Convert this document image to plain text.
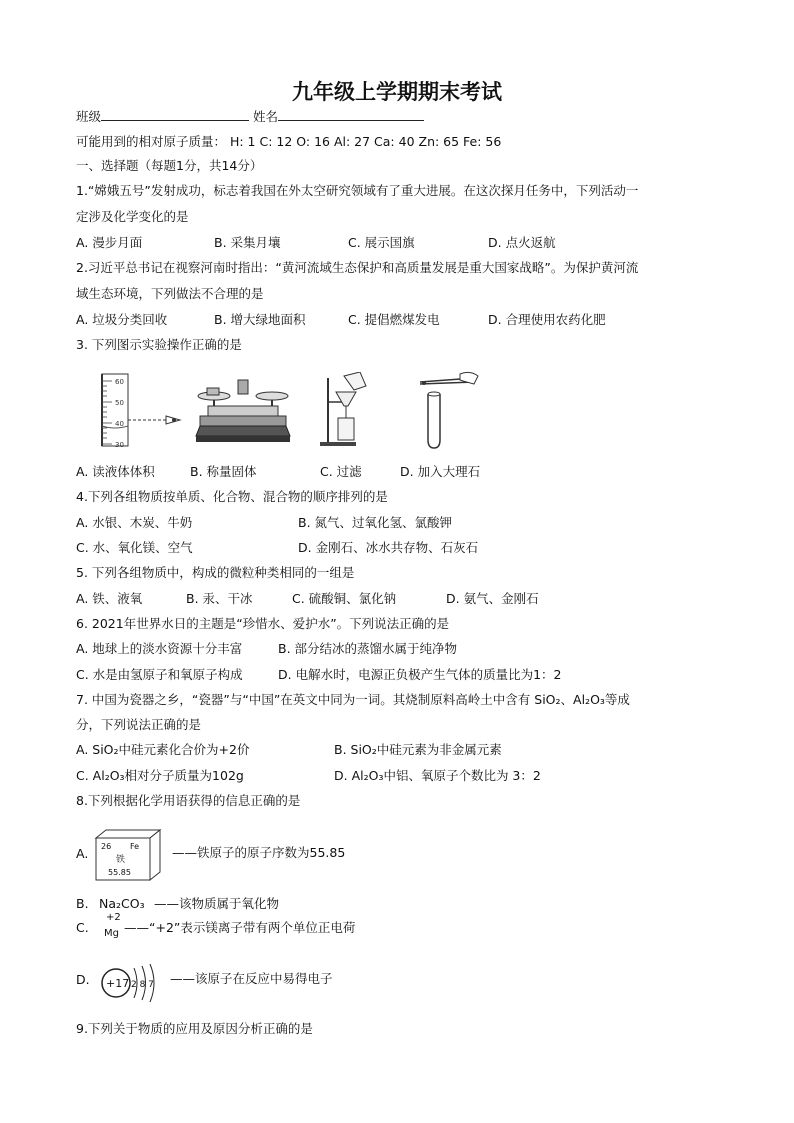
九年级上学期期末考试
班级	姓名
可能用到的相对原子质量： H: 1 C: 12 O: 16 Al: 27 Ca: 40 Zn: 65 Fe: 56
一、选择题（每题1分，共14分）
1.“嫦娥五号”发射成功，标志着我国在外太空研究领域有了重大进展。在这次探月任务中，下列活动一
定涉及化学变化的是
A. 漫步月面	B. 采集月壤	C. 展示国旗	D. 点火返航
2.习近平总书记在视察河南时指出：“黄河流域生态保护和高质量发展是重大国家战略”。为保护黄河流
域生态环境，下列做法不合理的是
A. 垃圾分类回收	B. 增大绿地面积	C. 提倡燃煤发电	D. 合理使用农药化肥
3. 下列图示实验操作正确的是
60
50
40
30
A. 读液体体积	B. 称量固体	C. 过滤	D. 加入大理石
4.下列各组物质按单质、化合物、混合物的顺序排列的是
A. 水银、木炭、牛奶	B. 氮气、过氧化氢、氯酸钾
C. 水、氧化镁、空气	D. 金刚石、冰水共存物、石灰石
5. 下列各组物质中，构成的微粒种类相同的一组是
A. 铁、液氧	B. 汞、干冰	C. 硫酸铜、氯化钠	D. 氨气、金刚石
6. 2021年世界水日的主题是“珍惜水、爱护水”。下列说法正确的是
A. 地球上的淡水资源十分丰富	B. 部分结冰的蒸馏水属于纯净物
C. 水是由氢原子和氧原子构成	D. 电解水时，电源正负极产生气体的质量比为1：2
7. 中国为瓷器之乡，“瓷器”与“中国”在英文中同为一词。其烧制原料高岭土中含有 SiO₂、Al₂O₃等成
分，下列说法正确的是
A. SiO₂中硅元素化合价为+2价	B. SiO₂中硅元素为非金属元素
C. Al₂O₃相对分子质量为102g	D. Al₂O₃中铝、氧原子个数比为 3：2
8.下列根据化学用语获得的信息正确的是
A. 26 Fe
铁
55.85
——铁原子的原子序数为55.85
B. Na₂CO₃ ——该物质属于氧化物
+2
C. Mg ——“+2”表示镁离子带有两个单位正电荷
D. +17 2 8 7 ——该原子在反应中易得电子
9.下列关于物质的应用及原因分析正确的是
